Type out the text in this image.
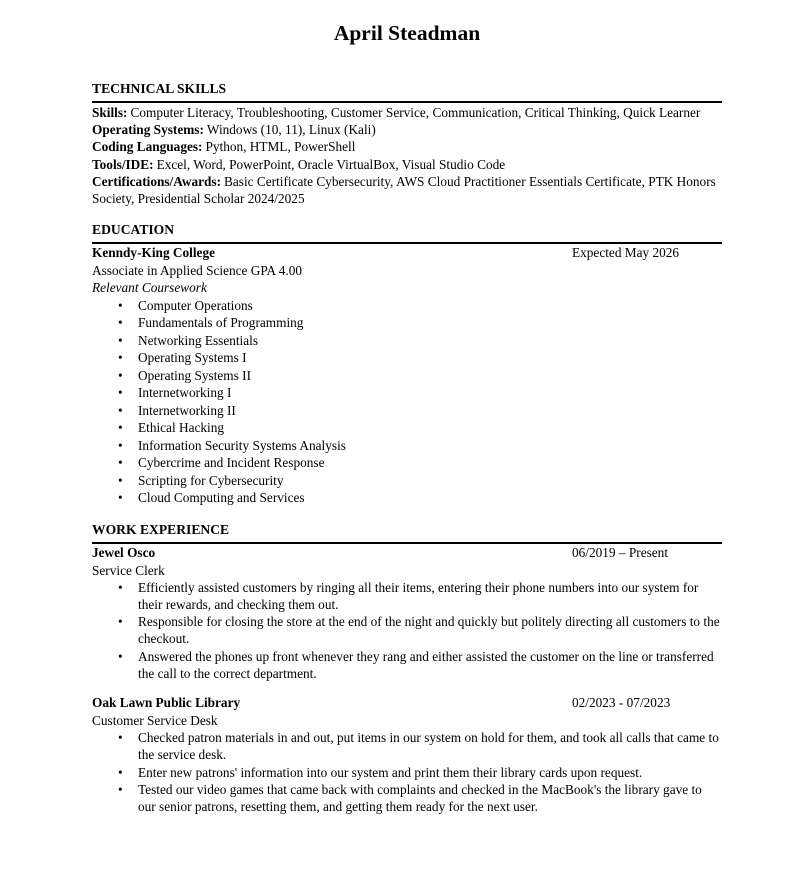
April Steadman
TECHNICAL SKILLS

Skills: Computer Literacy, Troubleshooting, Customer Service, Communication, Critical Thinking, Quick Learner

Operating Systems: Windows (10, 11), Linux (Kali)

Coding Languages: Python, HTML, PowerShell

Tools/IDE: Excel, Word, PowerPoint, Oracle VirtualBox, Visual Studio Code

Certifications/Awards: Basic Certificate Cybersecurity, AWS Cloud Practitioner Essentials Certificate, PTK Honors Society, Presidential Scholar 2024/2025

EDUCATION
Kenndy-King College	Expected May 2026

Associate in Applied Science GPA 4.00

Relevant Coursework

• Computer Operations
• Fundamentals of Programming
• Networking Essentials
• Operating Systems I
• Operating Systems II
• Internetworking I
• Internetworking II
• Ethical Hacking
• Information Security Systems Analysis
• Cybercrime and Incident Response
• Scripting for Cybersecurity
• Cloud Computing and Services
WORK EXPERIENCE
Jewel Osco	06/2019 – Present

Service Clerk

• Efficiently assisted customers by ringing all their items, entering their phone numbers into our system for their rewards, and checking them out.
• Responsible for closing the store at the end of the night and quickly but politely directing all customers to the checkout.
• Answered the phones up front whenever they rang and either assisted the customer on the line or transferred the call to the correct department.
Oak Lawn Public Library	02/2023 - 07/2023

Customer Service Desk

• Checked patron materials in and out, put items in our system on hold for them, and took all calls that came to the service desk.
• Enter new patrons' information into our system and print them their library cards upon request.
• Tested our video games that came back with complaints and checked in the MacBook's the library gave to our senior patrons, resetting them, and getting them ready for the next user.
